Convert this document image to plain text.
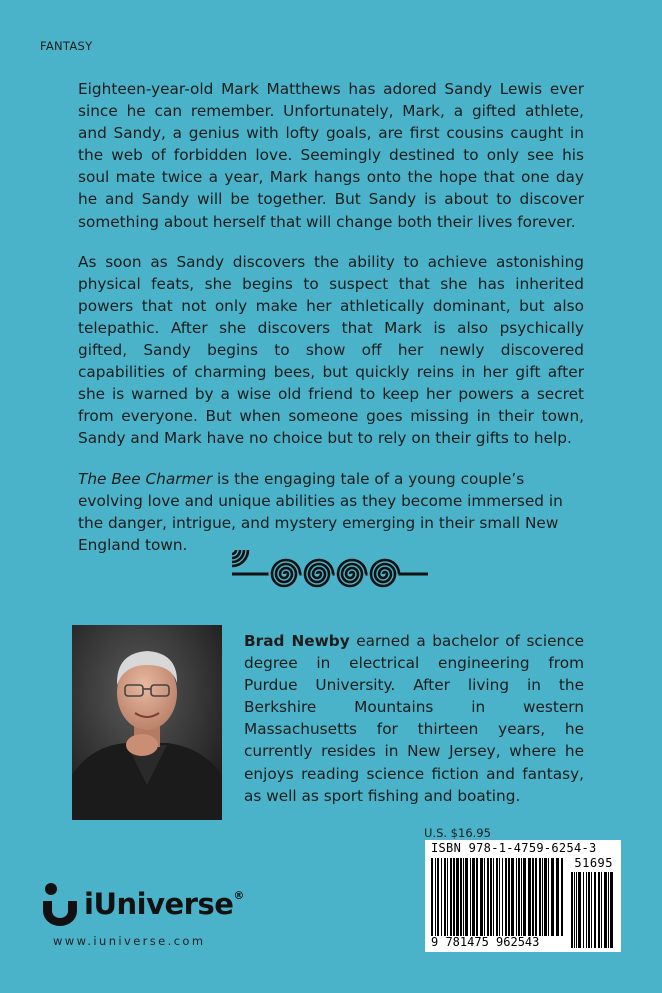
FANTASY

Eighteen-year-old Mark Matthews has adored Sandy Lewis ever since he can remember. Unfortunately, Mark, a gifted athlete, and Sandy, a genius with lofty goals, are first cousins caught in the web of forbidden love. Seemingly destined to only see his soul mate twice a year, Mark hangs onto the hope that one day he and Sandy will be together. But Sandy is about to discover something about herself that will change both their lives forever.

As soon as Sandy discovers the ability to achieve astonishing physical feats, she begins to suspect that she has inherited powers that not only make her athletically dominant, but also telepathic. After she discovers that Mark is also psychically gifted, Sandy begins to show off her newly discovered capabilities of charming bees, but quickly reins in her gift after she is warned by a wise old friend to keep her powers a secret from everyone. But when someone goes missing in their town, Sandy and Mark have no choice but to rely on their gifts to help.

The Bee Charmer is the engaging tale of a young couple’s evolving love and unique abilities as they become immersed in the danger, intrigue, and mystery emerging in their small New England town.

Brad Newby earned a bachelor of science degree in electrical engineering from Purdue University. After living in the Berkshire Mountains in western Massachusetts for thirteen years, he currently resides in New Jersey, where he enjoys reading science fiction and fantasy, as well as sport fishing and boating.

iUniverse®
www.iuniverse.com
U.S. $16.95
ISBN 978-1-4759-6254-3
51695
9 781475 962543
